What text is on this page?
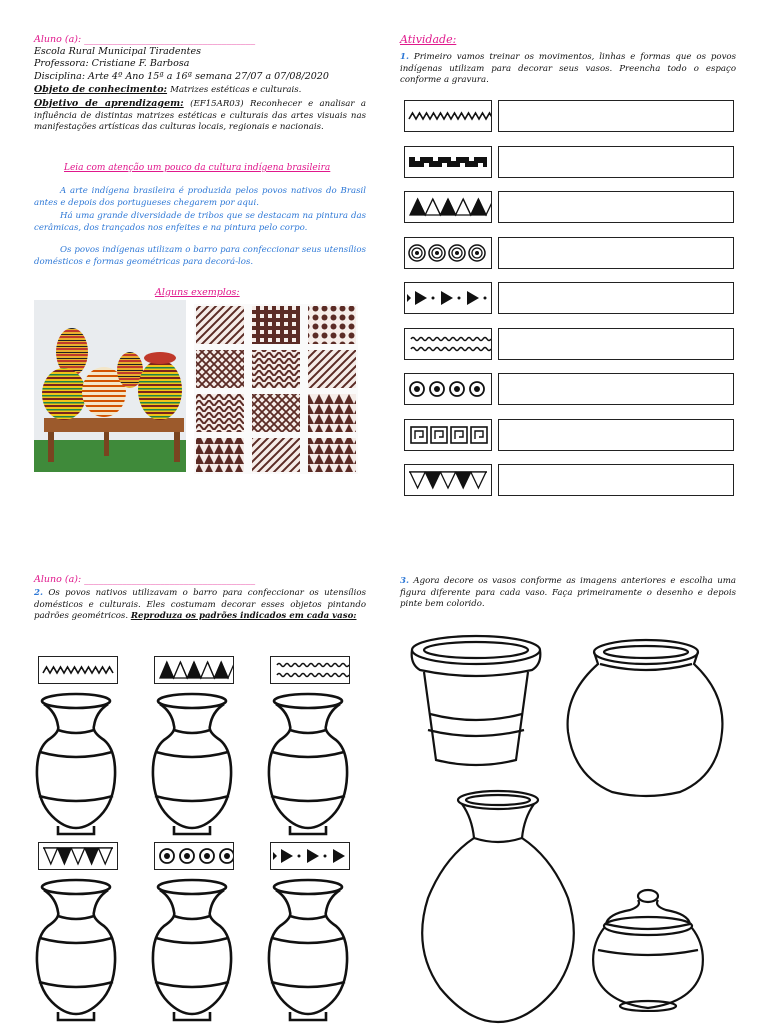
Aluno (a): ____________________________________
Escola Rural Municipal Tiradentes
Professora: Cristiane F. Barbosa
Disciplina: Arte 4º Ano 15ª a 16ª semana 27/07 a 07/08/2020
Objeto de conhecimento: Matrizes estéticas e culturais.
Objetivo de aprendizagem: (EF15AR03) Reconhecer e analisar a influência de distintas matrizes estéticas e culturais das artes visuais nas manifestações artísticas das culturas locais, regionais e nacionais.
Leia com atenção um pouco da cultura indígena brasileira
A arte indígena brasileira é produzida pelos povos nativos do Brasil antes e depois dos portugueses chegarem por aqui.
Há uma grande diversidade de tribos que se destacam na pintura das cerâmicas, dos trançados nos enfeites e na pintura pelo corpo.
Os povos indígenas utilizam o barro para confeccionar seus utensílios domésticos e formas geométricas para decorá-los.
Alguns exemplos:
Atividade:
1. Primeiro vamos treinar os movimentos, linhas e formas que os povos indígenas utilizam para decorar seus vasos. Preencha todo o espaço conforme a gravura.
Aluno (a): ____________________________________
2. Os povos nativos utilizavam o barro para confeccionar os utensílios domésticos e culturais. Eles costumam decorar esses objetos pintando padrões geométricos. Reproduza os padrões indicados em cada vaso:
3. Agora decore os vasos conforme as imagens anteriores e escolha uma figura diferente para cada vaso. Faça primeiramente o desenho e depois pinte bem colorido.
